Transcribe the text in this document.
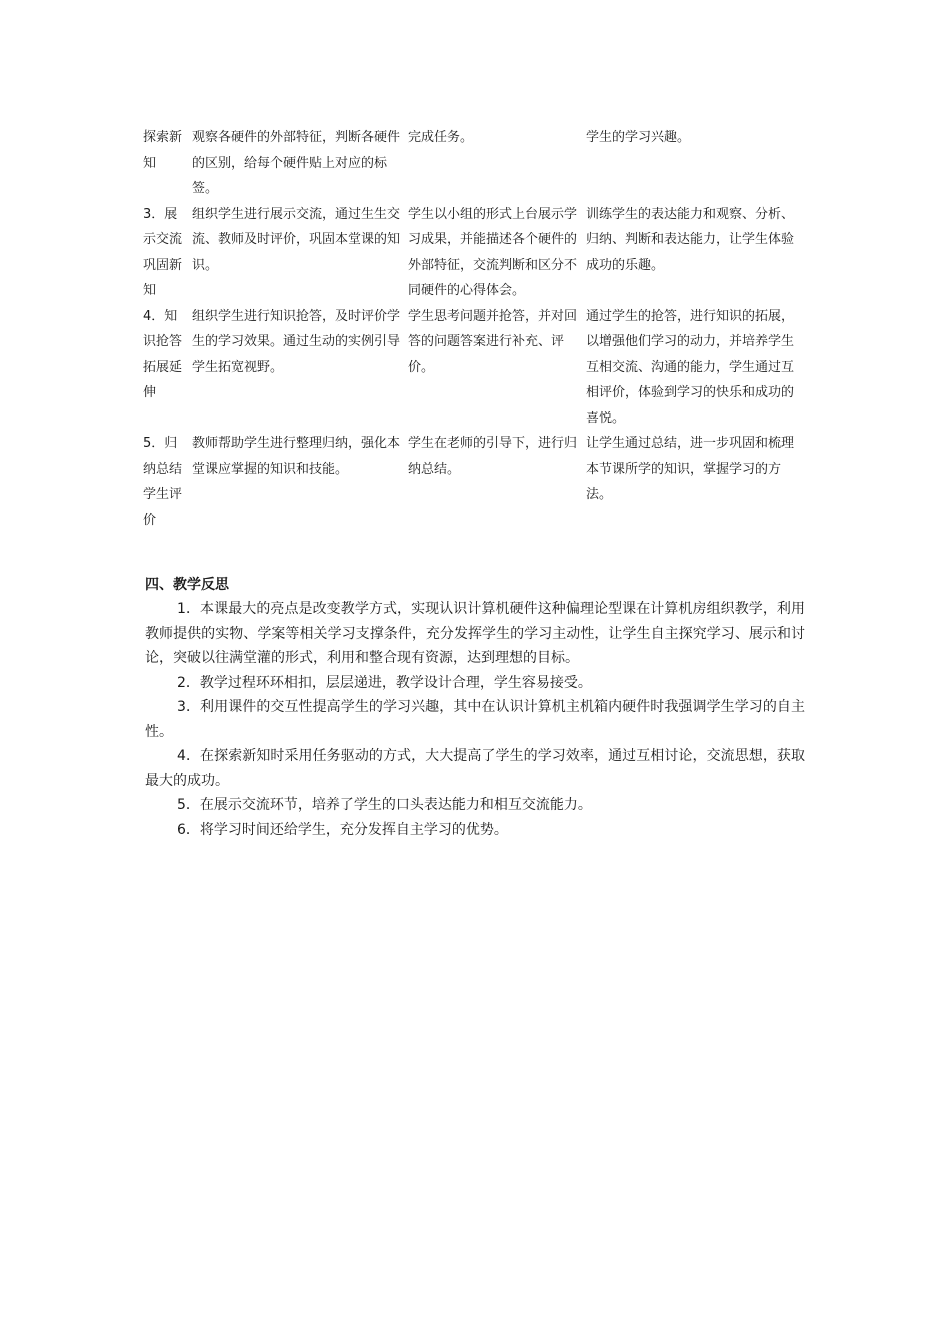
探索新知	观察各硬件的外部特征，判断各硬件的区别，给每个硬件贴上对应的标签。	完成任务。	学生的学习兴趣。
3．展示交流巩固新知	组织学生进行展示交流，通过生生交流、教师及时评价，巩固本堂课的知识。	学生以小组的形式上台展示学习成果，并能描述各个硬件的外部特征，交流判断和区分不同硬件的心得体会。	训练学生的表达能力和观察、分析、归纳、判断和表达能力，让学生体验成功的乐趣。
4．知识抢答拓展延伸	组织学生进行知识抢答，及时评价学生的学习效果。通过生动的实例引导学生拓宽视野。	学生思考问题并抢答，并对回答的问题答案进行补充、评价。	通过学生的抢答，进行知识的拓展，以增强他们学习的动力，并培养学生互相交流、沟通的能力，学生通过互相评价，体验到学习的快乐和成功的喜悦。
5．归纳总结学生评价	教师帮助学生进行整理归纳，强化本堂课应掌握的知识和技能。	学生在老师的引导下，进行归纳总结。	让学生通过总结，进一步巩固和梳理本节课所学的知识，掌握学习的方法。

四、教学反思

1．本课最大的亮点是改变教学方式，实现认识计算机硬件这种偏理论型课在计算机房组织教学，利用教师提供的实物、学案等相关学习支撑条件，充分发挥学生的学习主动性，让学生自主探究学习、展示和讨论，突破以往满堂灌的形式，利用和整合现有资源，达到理想的目标。

2．教学过程环环相扣，层层递进，教学设计合理，学生容易接受。

3．利用课件的交互性提高学生的学习兴趣，其中在认识计算机主机箱内硬件时我强调学生学习的自主性。

4．在探索新知时采用任务驱动的方式，大大提高了学生的学习效率，通过互相讨论，交流思想，获取最大的成功。

5．在展示交流环节，培养了学生的口头表达能力和相互交流能力。

6．将学习时间还给学生，充分发挥自主学习的优势。
